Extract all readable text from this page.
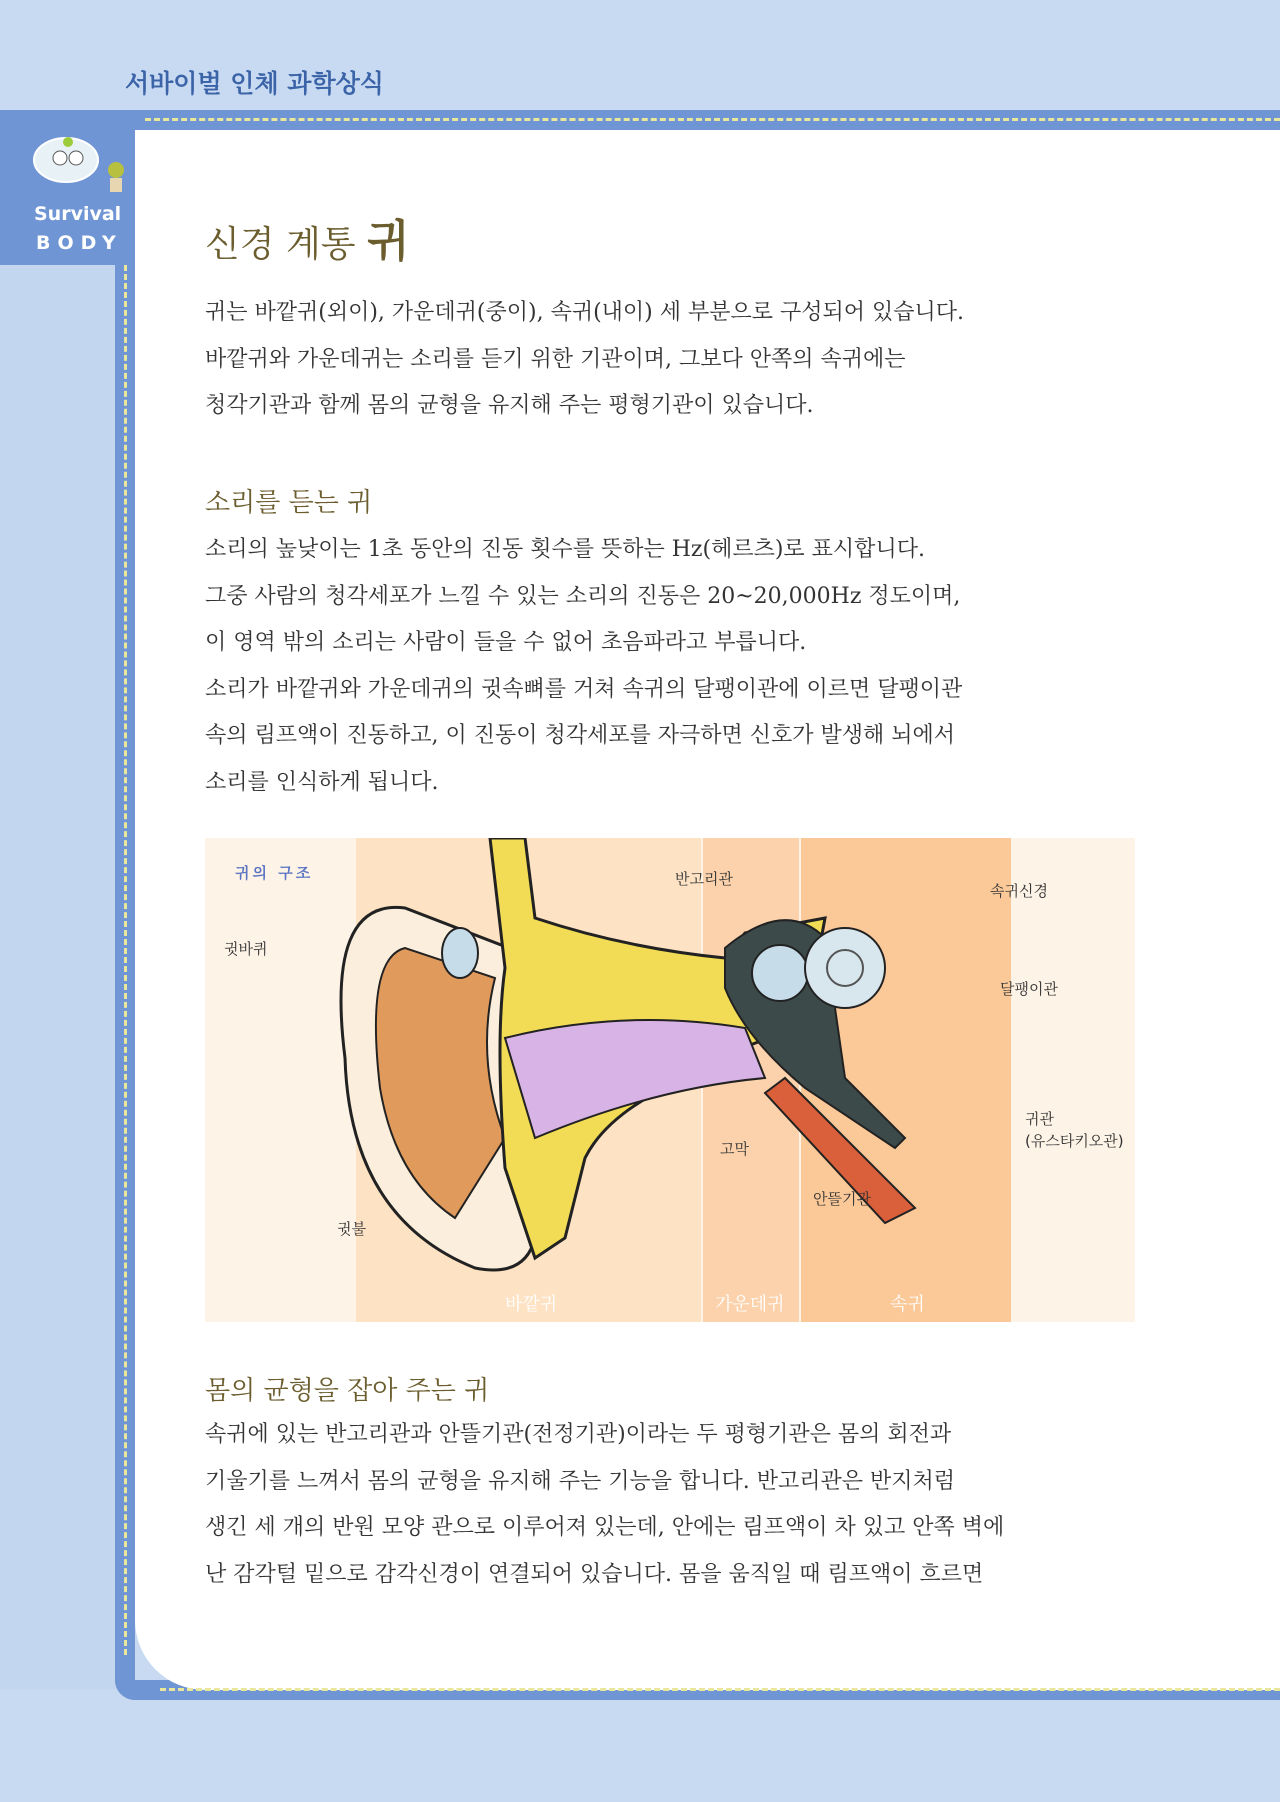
서바이벌 인체 과학상식
Survival
BODY 신경 계통 귀
귀는 바깥귀(외이), 가운데귀(중이), 속귀(내이) 세 부분으로 구성되어 있습니다.
바깥귀와 가운데귀는 소리를 듣기 위한 기관이며, 그보다 안쪽의 속귀에는
청각기관과 함께 몸의 균형을 유지해 주는 평형기관이 있습니다.
소리를 듣는 귀
소리의 높낮이는 1초 동안의 진동 횟수를 뜻하는 Hz(헤르츠)로 표시합니다.
그중 사람의 청각세포가 느낄 수 있는 소리의 진동은 20~20,000Hz 정도이며,
이 영역 밖의 소리는 사람이 들을 수 없어 초음파라고 부릅니다.
소리가 바깥귀와 가운데귀의 귓속뼈를 거쳐 속귀의 달팽이관에 이르면 달팽이관
속의 림프액이 진동하고, 이 진동이 청각세포를 자극하면 신호가 발생해 뇌에서
소리를 인식하게 됩니다.
귀의 구조
귓바퀴
귓불
반고리관
속귀신경
달팽이관
귀관
(유스타키오관)
고막
안뜰기관
바깥귀	가운데귀	속귀
몸의 균형을 잡아 주는 귀
속귀에 있는 반고리관과 안뜰기관(전정기관)이라는 두 평형기관은 몸의 회전과
기울기를 느껴서 몸의 균형을 유지해 주는 기능을 합니다. 반고리관은 반지처럼
생긴 세 개의 반원 모양 관으로 이루어져 있는데, 안에는 림프액이 차 있고 안쪽 벽에
난 감각털 밑으로 감각신경이 연결되어 있습니다. 몸을 움직일 때 림프액이 흐르면
